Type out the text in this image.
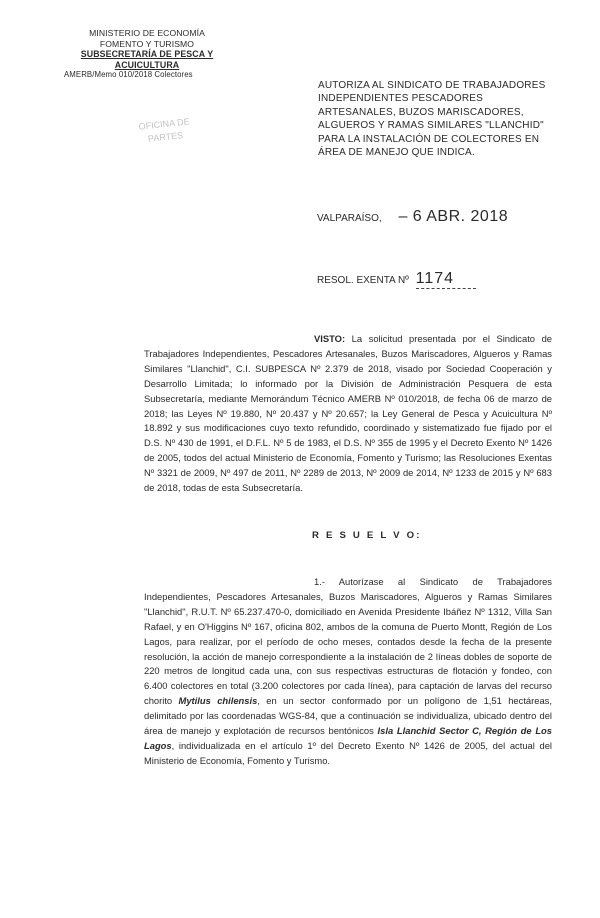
MINISTERIO DE ECONOMÍA
FOMENTO Y TURISMO
SUBSECRETARÍA DE PESCA Y ACUICULTURA
AMERB/Memo 010/2018 Colectores
OFICINA DE
PARTES
AUTORIZA AL SINDICATO DE TRABAJADORES INDEPENDIENTES PESCADORES ARTESANALES, BUZOS MARISCADORES, ALGUEROS Y RAMAS SIMILARES "LLANCHID" PARA LA INSTALACIÓN DE COLECTORES EN ÁREA DE MANEJO QUE INDICA.
VALPARAÍSO, – 6 ABR. 2018
RESOL. EXENTA Nº 1174
VISTO: La solicitud presentada por el Sindicato de Trabajadores Independientes, Pescadores Artesanales, Buzos Mariscadores, Algueros y Ramas Similares "Llanchid", C.I. SUBPESCA Nº 2.379 de 2018, visado por Sociedad Cooperación y Desarrollo Limitada; lo informado por la División de Administración Pesquera de esta Subsecretaría, mediante Memorándum Técnico AMERB Nº 010/2018, de fecha 06 de marzo de 2018; las Leyes Nº 19.880, Nº 20.437 y Nº 20.657; la Ley General de Pesca y Acuicultura Nº 18.892 y sus modificaciones cuyo texto refundido, coordinado y sistematizado fue fijado por el D.S. Nº 430 de 1991, el D.F.L. Nº 5 de 1983, el D.S. Nº 355 de 1995 y el Decreto Exento Nº 1426 de 2005, todos del actual Ministerio de Economía, Fomento y Turismo; las Resoluciones Exentas Nº 3321 de 2009, Nº 497 de 2011, Nº 2289 de 2013, Nº 2009 de 2014, Nº 1233 de 2015 y Nº 683 de 2018, todas de esta Subsecretaría.
R E S U E L V O:
1.- Autorízase al Sindicato de Trabajadores Independientes, Pescadores Artesanales, Buzos Mariscadores, Algueros y Ramas Similares "Llanchid", R.U.T. Nº 65.237.470-0, domiciliado en Avenida Presidente Ibáñez Nº 1312, Villa San Rafael, y en O'Higgins Nº 167, oficina 802, ambos de la comuna de Puerto Montt, Región de Los Lagos, para realizar, por el período de ocho meses, contados desde la fecha de la presente resolución, la acción de manejo correspondiente a la instalación de 2 líneas dobles de soporte de 220 metros de longitud cada una, con sus respectivas estructuras de flotación y fondeo, con 6.400 colectores en total (3.200 colectores por cada línea), para captación de larvas del recurso chorito Mytilus chilensis, en un sector conformado por un polígono de 1,51 hectáreas, delimitado por las coordenadas WGS-84, que a continuación se individualiza, ubicado dentro del área de manejo y explotación de recursos bentónicos Isla Llanchid Sector C, Región de Los Lagos, individualizada en el artículo 1º del Decreto Exento Nº 1426 de 2005, del actual del Ministerio de Economía, Fomento y Turismo.
